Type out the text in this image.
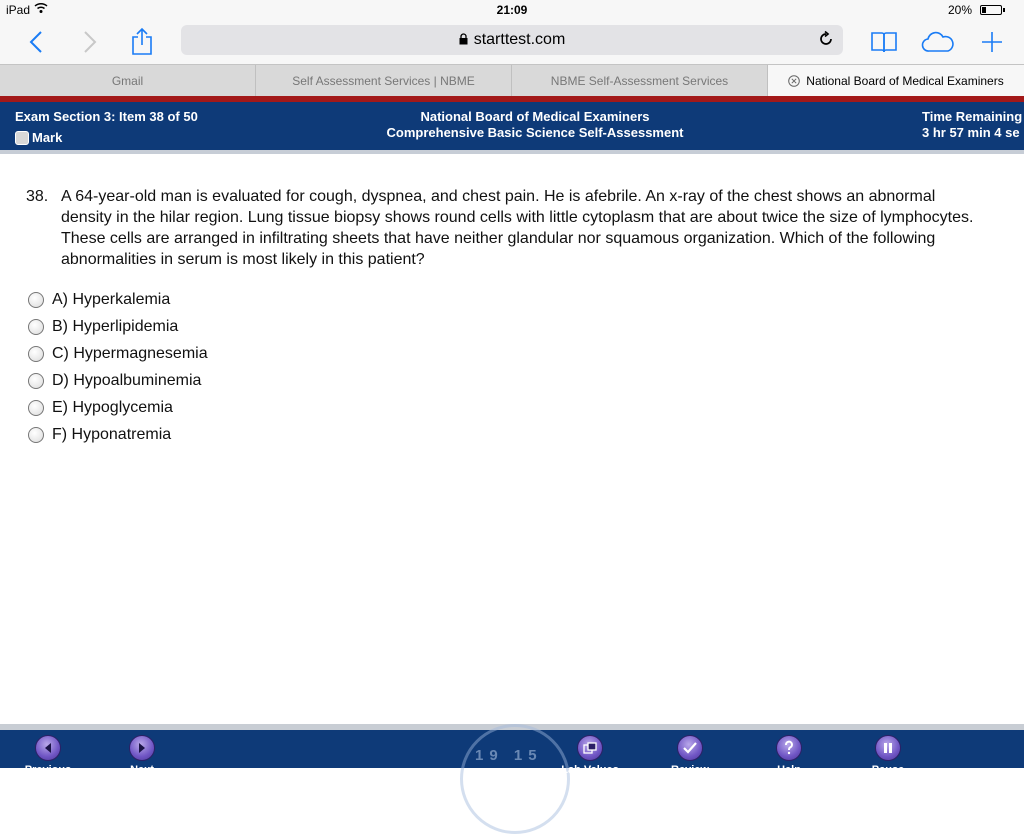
iPad	21:09	20%
starttest.com
Gmail	Self Assessment Services | NBME	NBME Self-Assessment Services	National Board of Medical Examiners
Exam Section 3: Item 38 of 50
Mark
National Board of Medical Examiners
Comprehensive Basic Science Self-Assessment
Time Remaining
3 hr 57 min 4 se
38. A 64-year-old man is evaluated for cough, dyspnea, and chest pain. He is afebrile. An x-ray of the chest shows an abnormal density in the hilar region. Lung tissue biopsy shows round cells with little cytoplasm that are about twice the size of lymphocytes. These cells are arranged in infiltrating sheets that have neither glandular nor squamous organization. Which of the following abnormalities in serum is most likely in this patient?
A) Hyperkalemia
B) Hyperlipidemia
C) Hypermagnesemia
D) Hypoalbuminemia
E) Hypoglycemia
F) Hyponatremia
19 15
Previous	Next	Lab Values	Review	Help	Pause
